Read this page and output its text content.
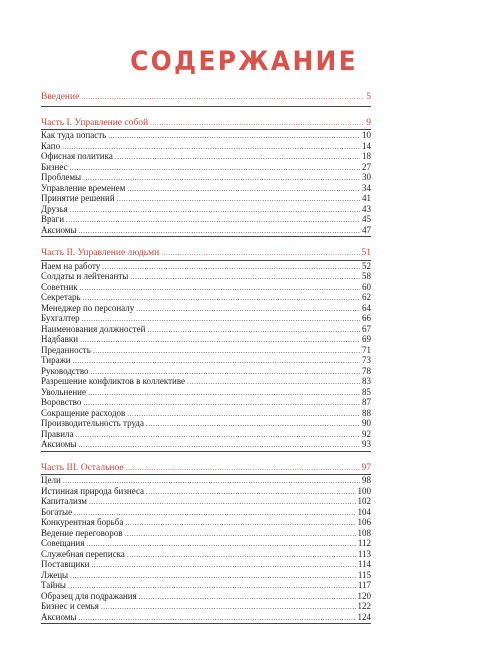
СОДЕРЖАНИЕ
Введение .....	5
Часть I. Управление собой .....	9
Как туда попасть .....	10
Капо .....	14
Офисная политика .....	18
Бизнес .....	27
Проблемы .....	30
Управление временем .....	34
Принятие решений .....	41
Друзья .....	43
Враги .....	45
Аксиомы .....	47
Часть II. Управление людьми .....	51
Наем на работу .....	52
Солдаты и лейтенанты .....	58
Советник .....	60
Секретарь .....	62
Менеджер по персоналу .....	64
Бухгалтер .....	66
Наименования должностей .....	67
Надбавки .....	69
Преданность .....	71
Тиражи .....	73
Руководство .....	78
Разрешение конфликтов в коллективе .....	83
Увольнение .....	85
Воровство .....	87
Сокращение расходов .....	88
Производительность труда .....	90
Правила .....	92
Аксиомы .....	93
Часть III. Остальное .....	97
Цели .....	98
Истинная природа бизнеса .....	100
Капитализм .....	102
Богатые .....	104
Конкурентная борьба .....	106
Ведение переговоров .....	108
Совещания .....	112
Служебная переписка .....	113
Поставщики .....	114
Лжецы .....	115
Тайны .....	117
Образец для подражания .....	120
Бизнес и семья .....	122
Аксиомы .....	124
